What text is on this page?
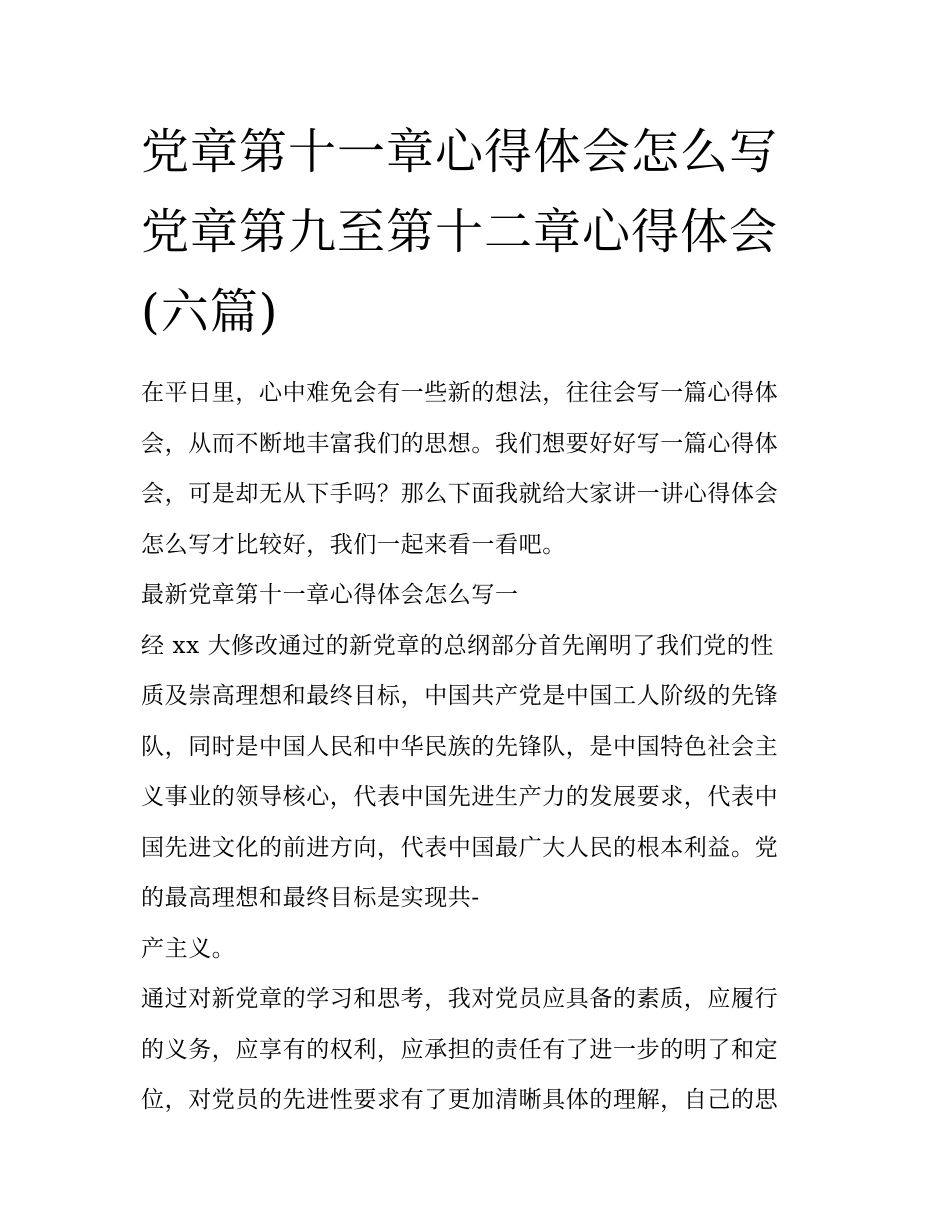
党章第十一章心得体会怎么写
党章第九至第十二章心得体会
(六篇)
在平日里，心中难免会有一些新的想法，往往会写一篇心得体
会，从而不断地丰富我们的思想。我们想要好好写一篇心得体
会，可是却无从下手吗？那么下面我就给大家讲一讲心得体会
怎么写才比较好，我们一起来看一看吧。
最新党章第十一章心得体会怎么写一
经 xx 大修改通过的新党章的总纲部分首先阐明了我们党的性
质及崇高理想和最终目标，中国共产党是中国工人阶级的先锋
队，同时是中国人民和中华民族的先锋队，是中国特色社会主
义事业的领导核心，代表中国先进生产力的发展要求，代表中
国先进文化的前进方向，代表中国最广大人民的根本利益。党
的最高理想和最终目标是实现共-
产主义。
通过对新党章的学习和思考，我对党员应具备的素质，应履行
的义务，应享有的权利，应承担的责任有了进一步的明了和定
位，对党员的先进性要求有了更加清晰具体的理解，自己的思
